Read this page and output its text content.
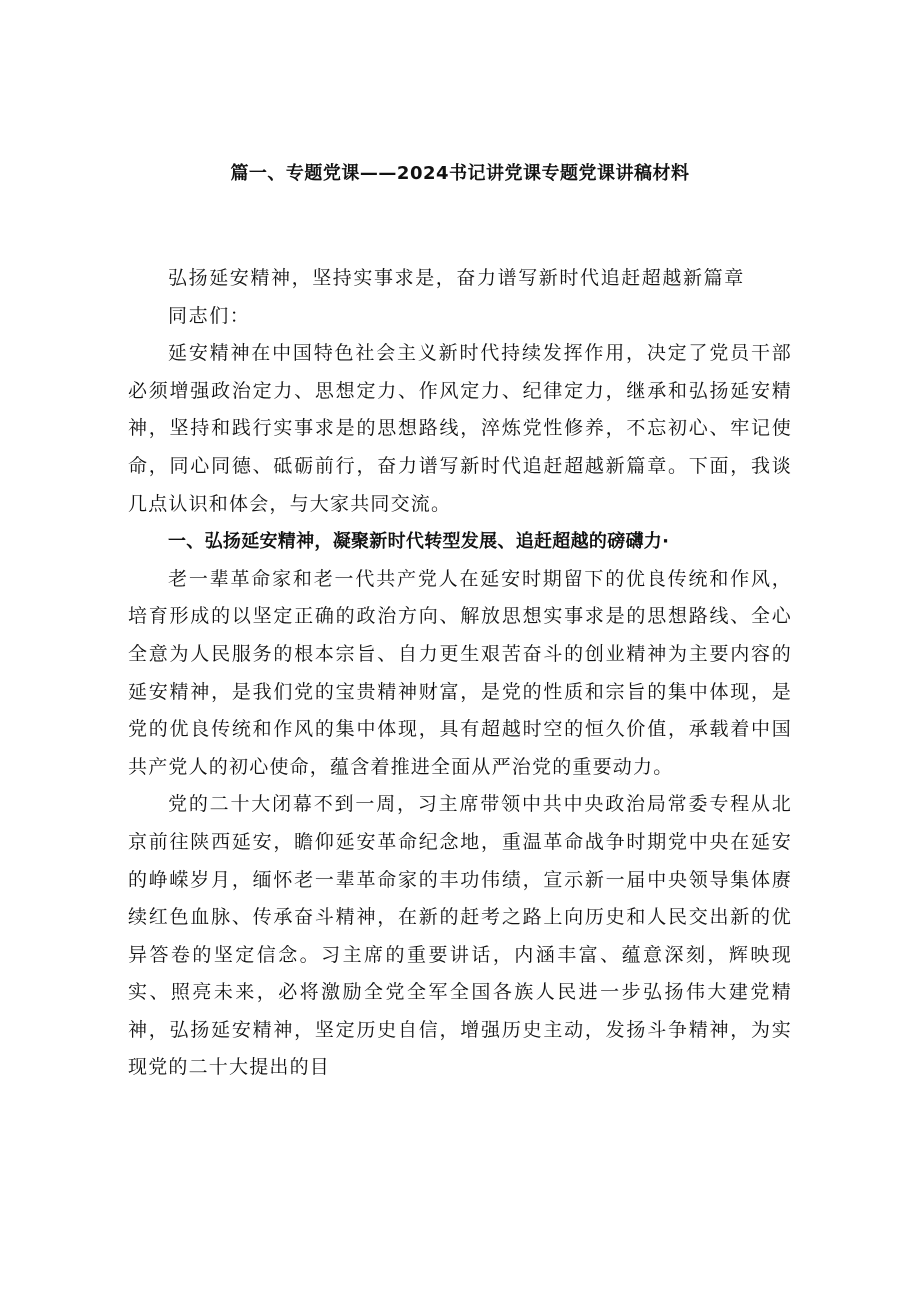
篇一、专题党课——2024书记讲党课专题党课讲稿材料

弘扬延安精神，坚持实事求是，奋力谱写新时代追赶超越新篇章

同志们：

延安精神在中国特色社会主义新时代持续发挥作用，决定了党员干部必须增强政治定力、思想定力、作风定力、纪律定力，继承和弘扬延安精神，坚持和践行实事求是的思想路线，淬炼党性修养，不忘初心、牢记使命，同心同德、砥砺前行，奋力谱写新时代追赶超越新篇章。下面，我谈几点认识和体会，与大家共同交流。

一、弘扬延安精神，凝聚新时代转型发展、追赶超越的磅礴力·

老一辈革命家和老一代共产党人在延安时期留下的优良传统和作风，培育形成的以坚定正确的政治方向、解放思想实事求是的思想路线、全心全意为人民服务的根本宗旨、自力更生艰苦奋斗的创业精神为主要内容的延安精神，是我们党的宝贵精神财富，是党的性质和宗旨的集中体现，是党的优良传统和作风的集中体现，具有超越时空的恒久价值，承载着中国共产党人的初心使命，蕴含着推进全面从严治党的重要动力。

党的二十大闭幕不到一周，习主席带领中共中央政治局常委专程从北京前往陕西延安，瞻仰延安革命纪念地，重温革命战争时期党中央在延安的峥嵘岁月，缅怀老一辈革命家的丰功伟绩，宣示新一届中央领导集体赓续红色血脉、传承奋斗精神，在新的赶考之路上向历史和人民交出新的优异答卷的坚定信念。习主席的重要讲话，内涵丰富、蕴意深刻，辉映现实、照亮未来，必将激励全党全军全国各族人民进一步弘扬伟大建党精神，弘扬延安精神，坚定历史自信，增强历史主动，发扬斗争精神，为实现党的二十大提出的目
